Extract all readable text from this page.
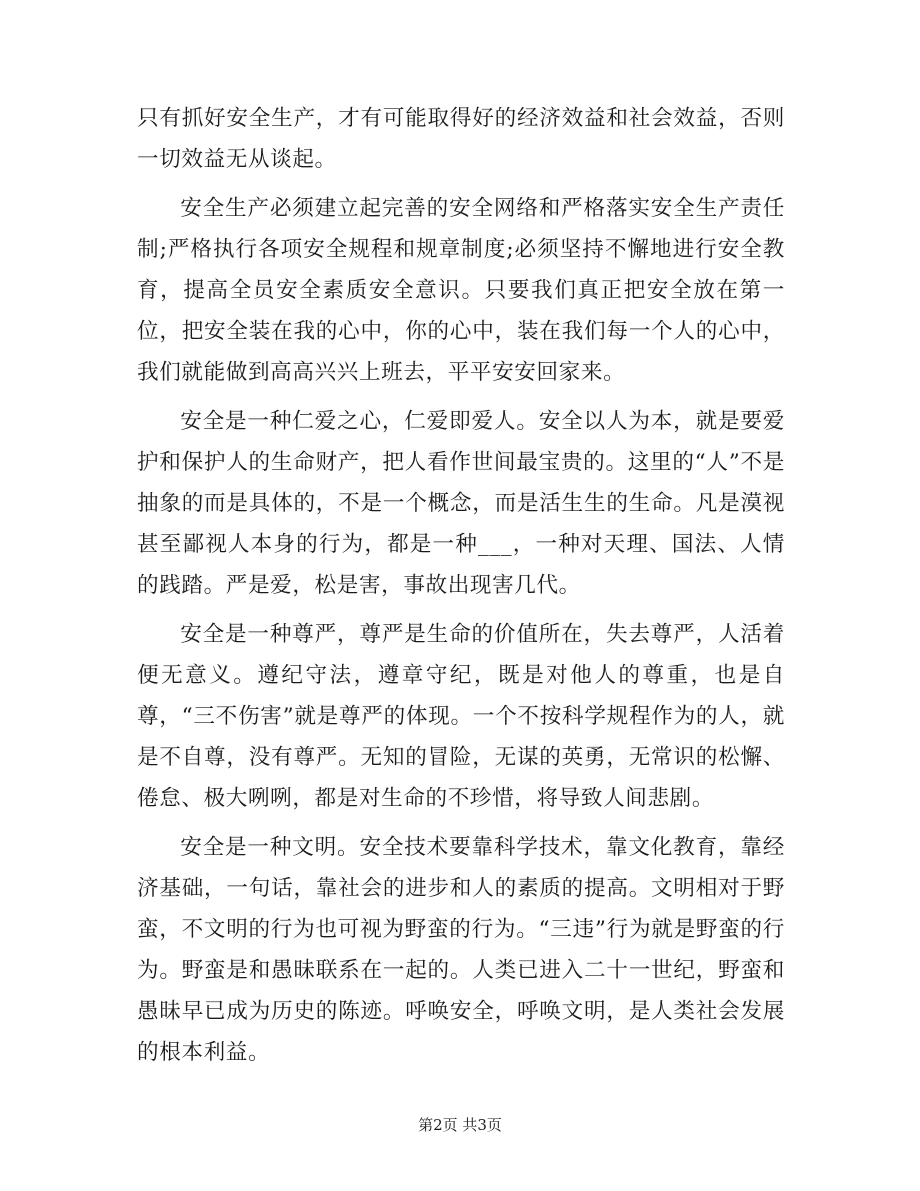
只有抓好安全生产，才有可能取得好的经济效益和社会效益，否则一切效益无从谈起。

安全生产必须建立起完善的安全网络和严格落实安全生产责任制;严格执行各项安全规程和规章制度;必须坚持不懈地进行安全教育，提高全员安全素质安全意识。只要我们真正把安全放在第一位，把安全装在我的心中，你的心中，装在我们每一个人的心中，我们就能做到高高兴兴上班去，平平安安回家来。

安全是一种仁爱之心，仁爱即爱人。安全以人为本，就是要爱护和保护人的生命财产，把人看作世间最宝贵的。这里的“人”不是抽象的而是具体的，不是一个概念，而是活生生的生命。凡是漠视甚至鄙视人本身的行为，都是一种___，一种对天理、国法、人情的践踏。严是爱，松是害，事故出现害几代。

安全是一种尊严，尊严是生命的价值所在，失去尊严，人活着便无意义。遵纪守法，遵章守纪，既是对他人的尊重，也是自尊，“三不伤害”就是尊严的体现。一个不按科学规程作为的人，就是不自尊，没有尊严。无知的冒险，无谋的英勇，无常识的松懈、倦怠、极大咧咧，都是对生命的不珍惜，将导致人间悲剧。

安全是一种文明。安全技术要靠科学技术，靠文化教育，靠经济基础，一句话，靠社会的进步和人的素质的提高。文明相对于野蛮，不文明的行为也可视为野蛮的行为。“三违”行为就是野蛮的行为。野蛮是和愚昧联系在一起的。人类已进入二十一世纪，野蛮和愚昧早已成为历史的陈迹。呼唤安全，呼唤文明，是人类社会发展的根本利益。

第2页 共3页
